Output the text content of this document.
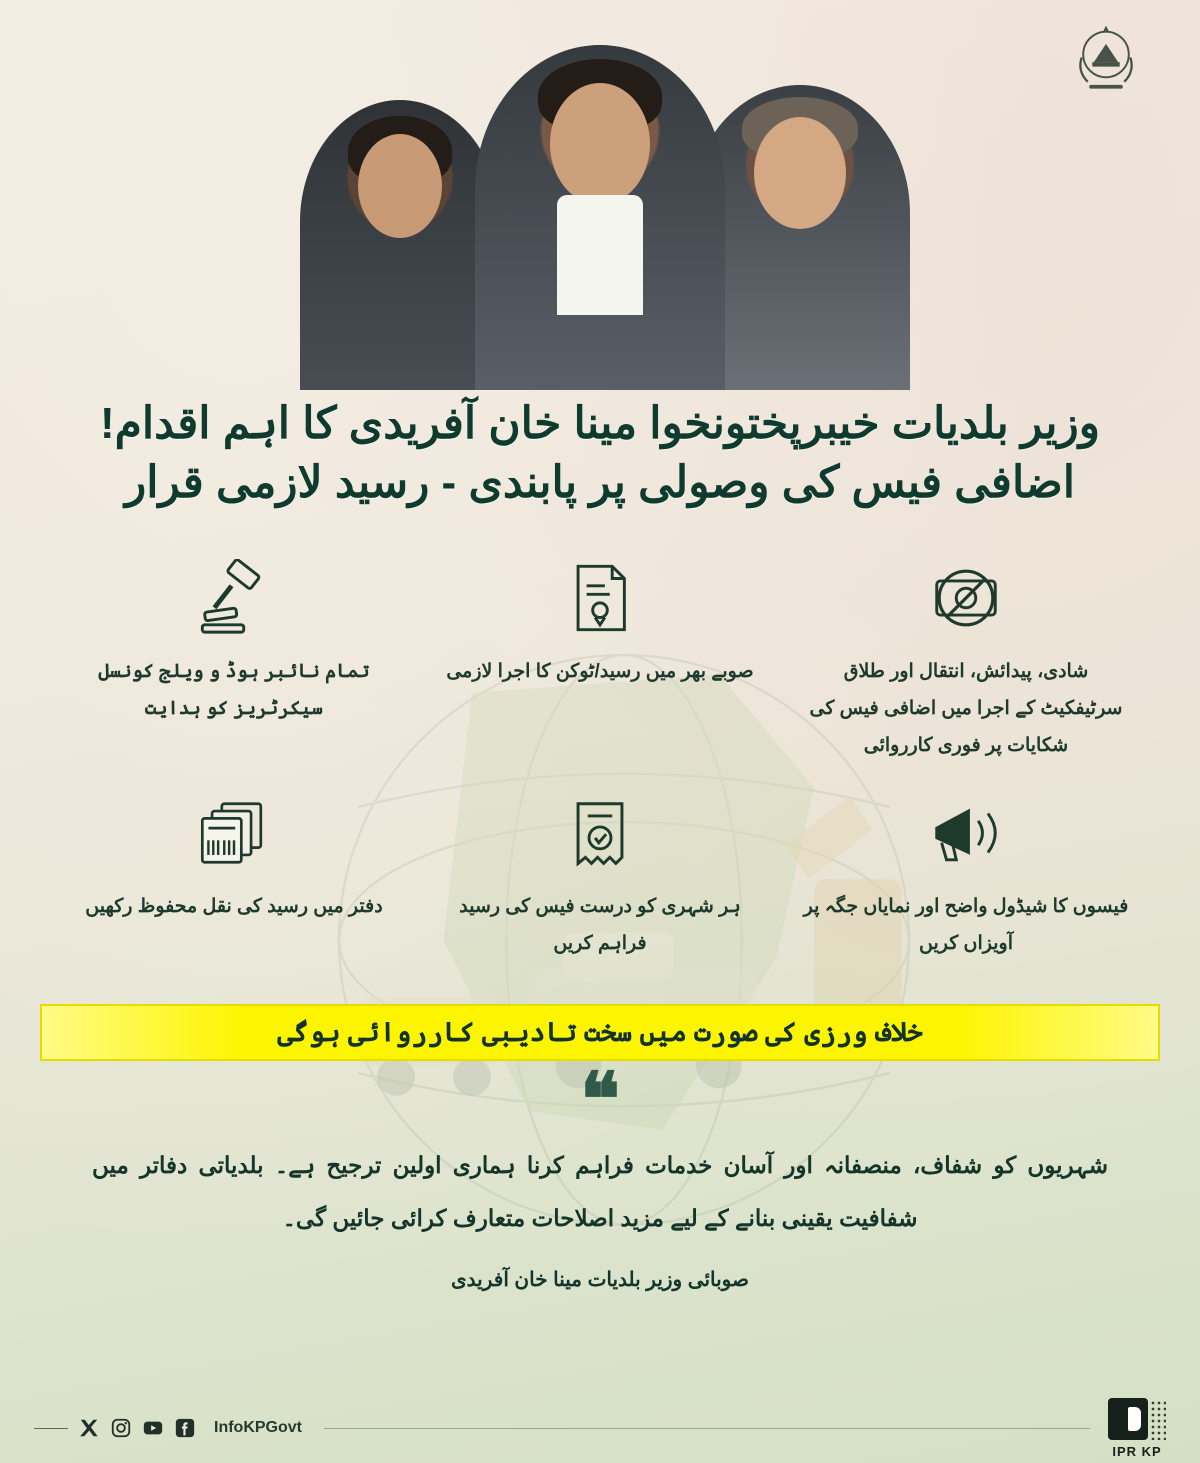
وزیر بلدیات خیبرپختونخوا مینا خان آفریدی کا اہم اقدام!
اضافی فیس کی وصولی پر پابندی - رسید لازمی قرار
شادی، پیدائش، انتقال اور طلاق سرٹیفکیٹ کے اجرا میں اضافی فیس کی شکایات پر فوری کارروائی
صوبے بھر میں رسید/ٹوکن کا اجرا لازمی
تمام نائبر ہوڈ و ویلج کونسل سیکرٹریز کو ہدایت
فیسوں کا شیڈول واضح اور نمایاں جگہ پر آویزاں کریں
ہر شہری کو درست فیس کی رسید فراہم کریں
دفتر میں رسید کی نقل محفوظ رکھیں
خلاف ورزی کی صورت میں سخت تادیبی کارروائی ہوگی
❝
شہریوں کو شفاف، منصفانہ اور آسان خدمات فراہم کرنا ہماری اولین ترجیح ہے۔ بلدیاتی دفاتر میں شفافیت یقینی بنانے کے لیے مزید اصلاحات متعارف کرائی جائیں گی۔
صوبائی وزیر بلدیات مینا خان آفریدی
InfoKPGovt
IPR KP
